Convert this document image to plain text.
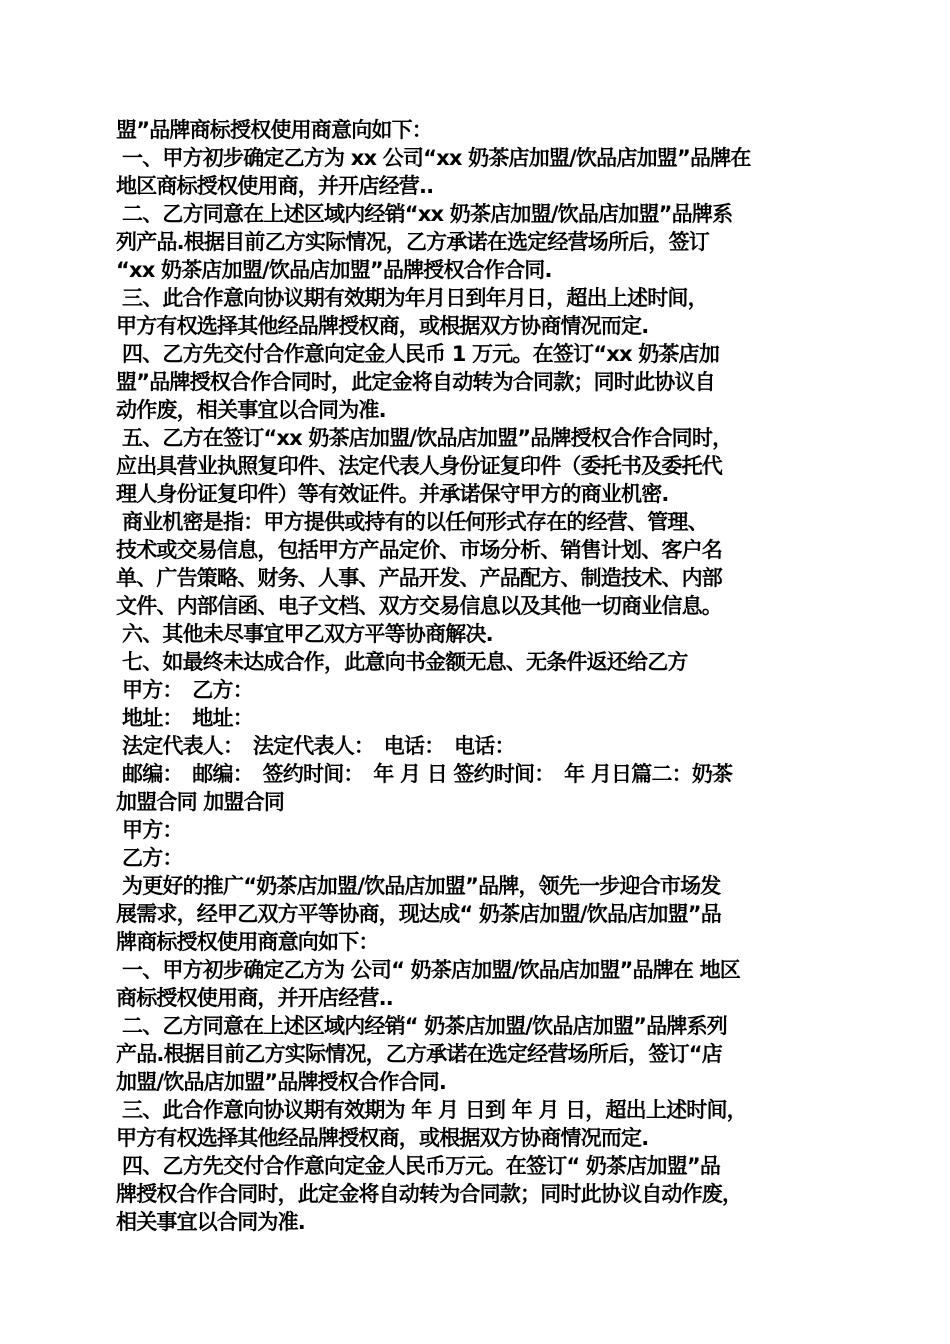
盟”品牌商标授权使用商意向如下：
一、甲方初步确定乙方为 xx 公司“xx 奶茶店加盟/饮品店加盟”品牌在
地区商标授权使用商，并开店经营..
二、乙方同意在上述区域内经销“xx 奶茶店加盟/饮品店加盟”品牌系
列产品.根据目前乙方实际情况，乙方承诺在选定经营场所后，签订
“xx 奶茶店加盟/饮品店加盟”品牌授权合作合同.
三、此合作意向协议期有效期为年月日到年月日，超出上述时间，
甲方有权选择其他经品牌授权商，或根据双方协商情况而定.
四、乙方先交付合作意向定金人民币 1 万元。在签订“xx 奶茶店加
盟”品牌授权合作合同时，此定金将自动转为合同款；同时此协议自
动作废，相关事宜以合同为准.
五、乙方在签订“xx 奶茶店加盟/饮品店加盟”品牌授权合作合同时，
应出具营业执照复印件、法定代表人身份证复印件（委托书及委托代
理人身份证复印件）等有效证件。并承诺保守甲方的商业机密.
商业机密是指：甲方提供或持有的以任何形式存在的经营、管理、
技术或交易信息，包括甲方产品定价、市场分析、销售计划、客户名
单、广告策略、财务、人事、产品开发、产品配方、制造技术、内部
文件、内部信函、电子文档、双方交易信息以及其他一切商业信息。
六、其他未尽事宜甲乙双方平等协商解决.
七、如最终未达成合作，此意向书金额无息、无条件返还给乙方
甲方：　乙方：
地址：　地址：
法定代表人：　法定代表人：　电话：　电话：
邮编：　邮编：　签约时间：　年 月 日 签约时间：　年 月日篇二：奶茶
加盟合同 加盟合同
甲方：
乙方：
为更好的推广“奶茶店加盟/饮品店加盟”品牌，领先一步迎合市场发
展需求，经甲乙双方平等协商，现达成“ 奶茶店加盟/饮品店加盟”品
牌商标授权使用商意向如下：
一、甲方初步确定乙方为 公司“ 奶茶店加盟/饮品店加盟”品牌在 地区
商标授权使用商，并开店经营..
二、乙方同意在上述区域内经销“ 奶茶店加盟/饮品店加盟”品牌系列
产品.根据目前乙方实际情况，乙方承诺在选定经营场所后，签订“店
加盟/饮品店加盟”品牌授权合作合同.
三、此合作意向协议期有效期为 年 月 日到 年 月 日，超出上述时间，
甲方有权选择其他经品牌授权商，或根据双方协商情况而定.
四、乙方先交付合作意向定金人民币万元。在签订“ 奶茶店加盟”品
牌授权合作合同时，此定金将自动转为合同款；同时此协议自动作废，
相关事宜以合同为准.
